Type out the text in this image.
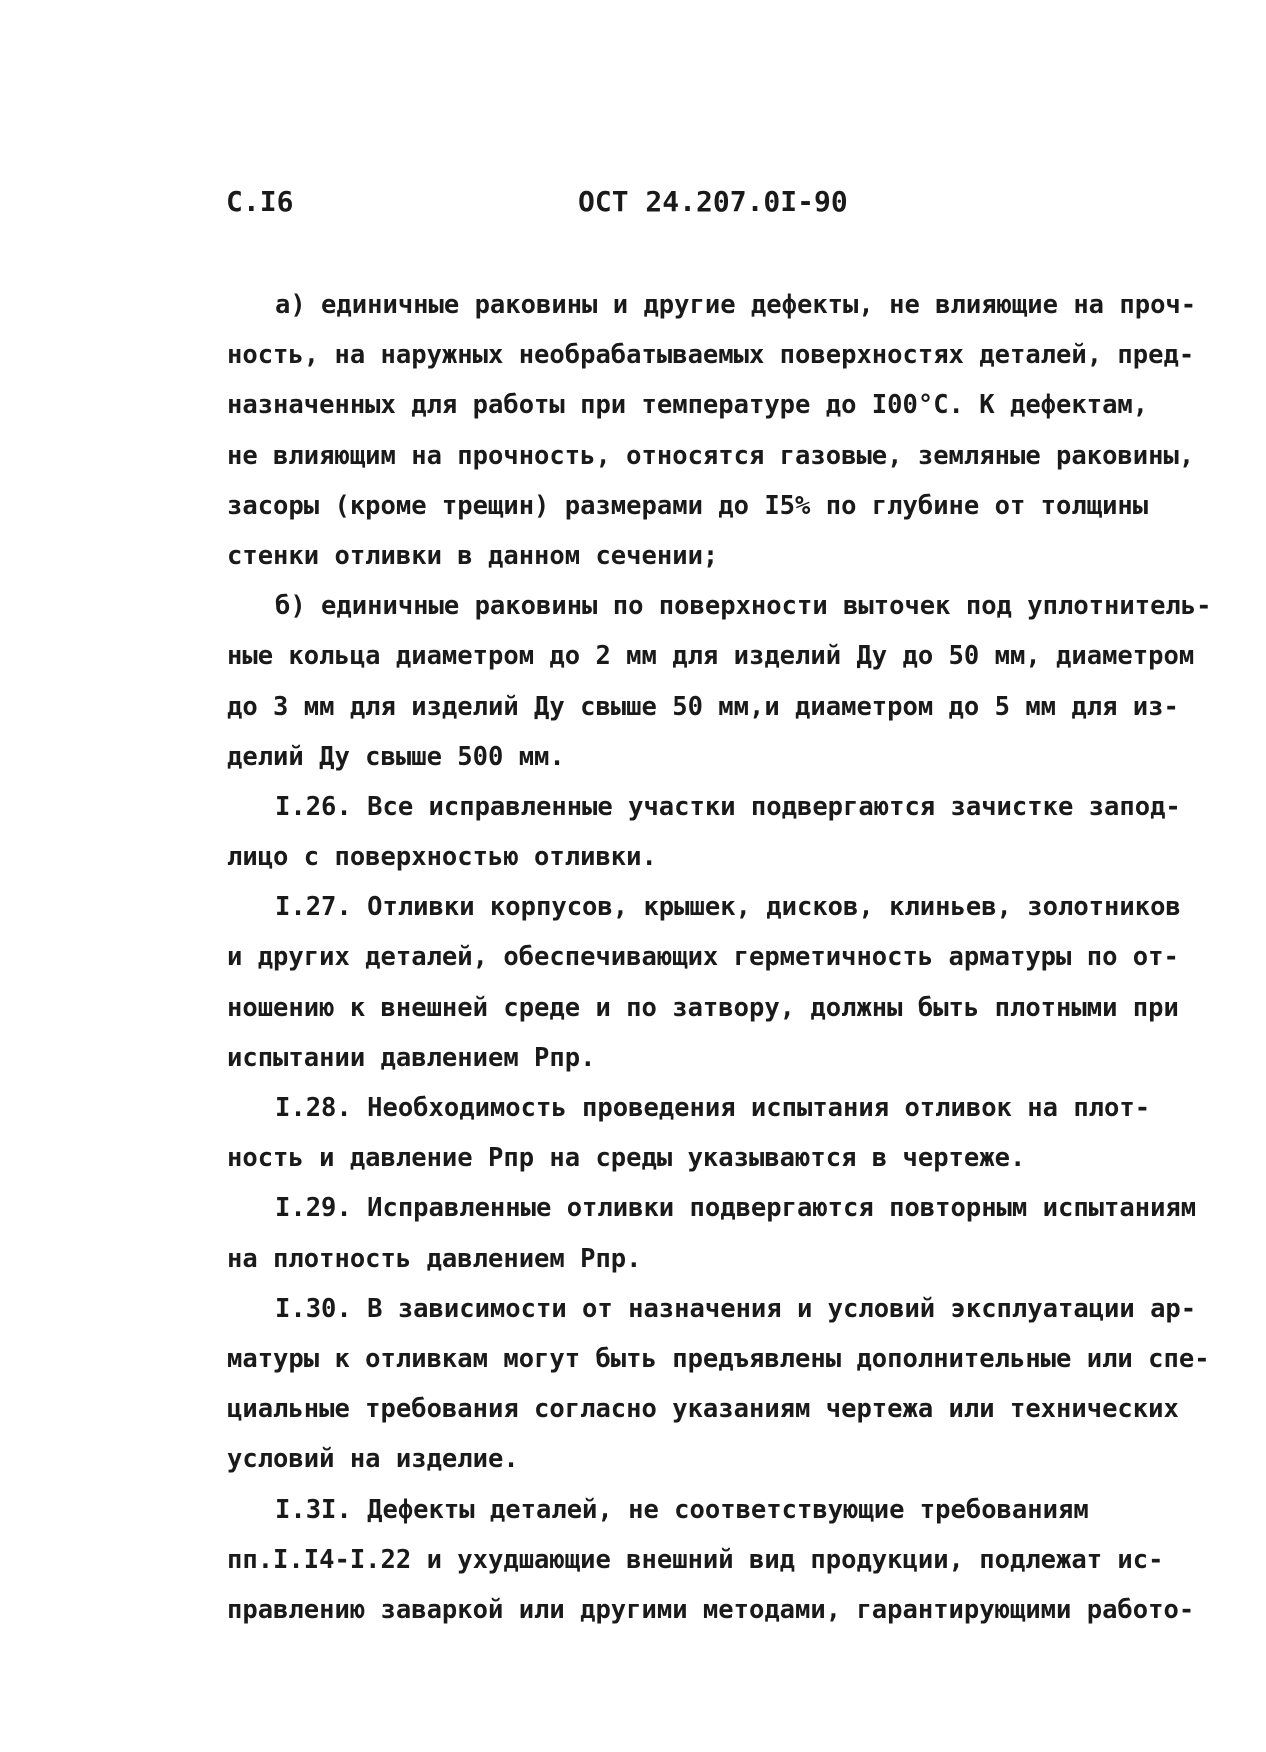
С.I6	ОСТ 24.207.0I-90
а) единичные раковины и другие дефекты, не влияющие на проч-
ность, на наружных необрабатываемых поверхностях деталей, пред-
назначенных для работы при температуре до I00°С. К дефектам,
не влияющим на прочность, относятся газовые, земляные раковины,
засоры (кроме трещин) размерами до I5% по глубине от толщины
стенки отливки в данном сечении;
б) единичные раковины по поверхности выточек под уплотнитель-
ные кольца диаметром до 2 мм для изделий Ду до 50 мм, диаметром
до 3 мм для изделий Ду свыше 50 мм,и диаметром до 5 мм для из-
делий Ду свыше 500 мм.
I.26. Все исправленные участки подвергаются зачистке запод-
лицо с поверхностью отливки.
I.27. Отливки корпусов, крышек, дисков, клиньев, золотников
и других деталей, обеспечивающих герметичность арматуры по от-
ношению к внешней среде и по затвору, должны быть плотными при
испытании давлением Рпр.
I.28. Необходимость проведения испытания отливок на плот-
ность и давление Рпр на среды указываются в чертеже.
I.29. Исправленные отливки подвергаются повторным испытаниям
на плотность давлением Рпр.
I.30. В зависимости от назначения и условий эксплуатации ар-
матуры к отливкам могут быть предъявлены дополнительные или спе-
циальные требования согласно указаниям чертежа или технических
условий на изделие.
I.3I. Дефекты деталей, не соответствующие требованиям
пп.I.I4-I.22 и ухудшающие внешний вид продукции, подлежат ис-
правлению заваркой или другими методами, гарантирующими работо-
